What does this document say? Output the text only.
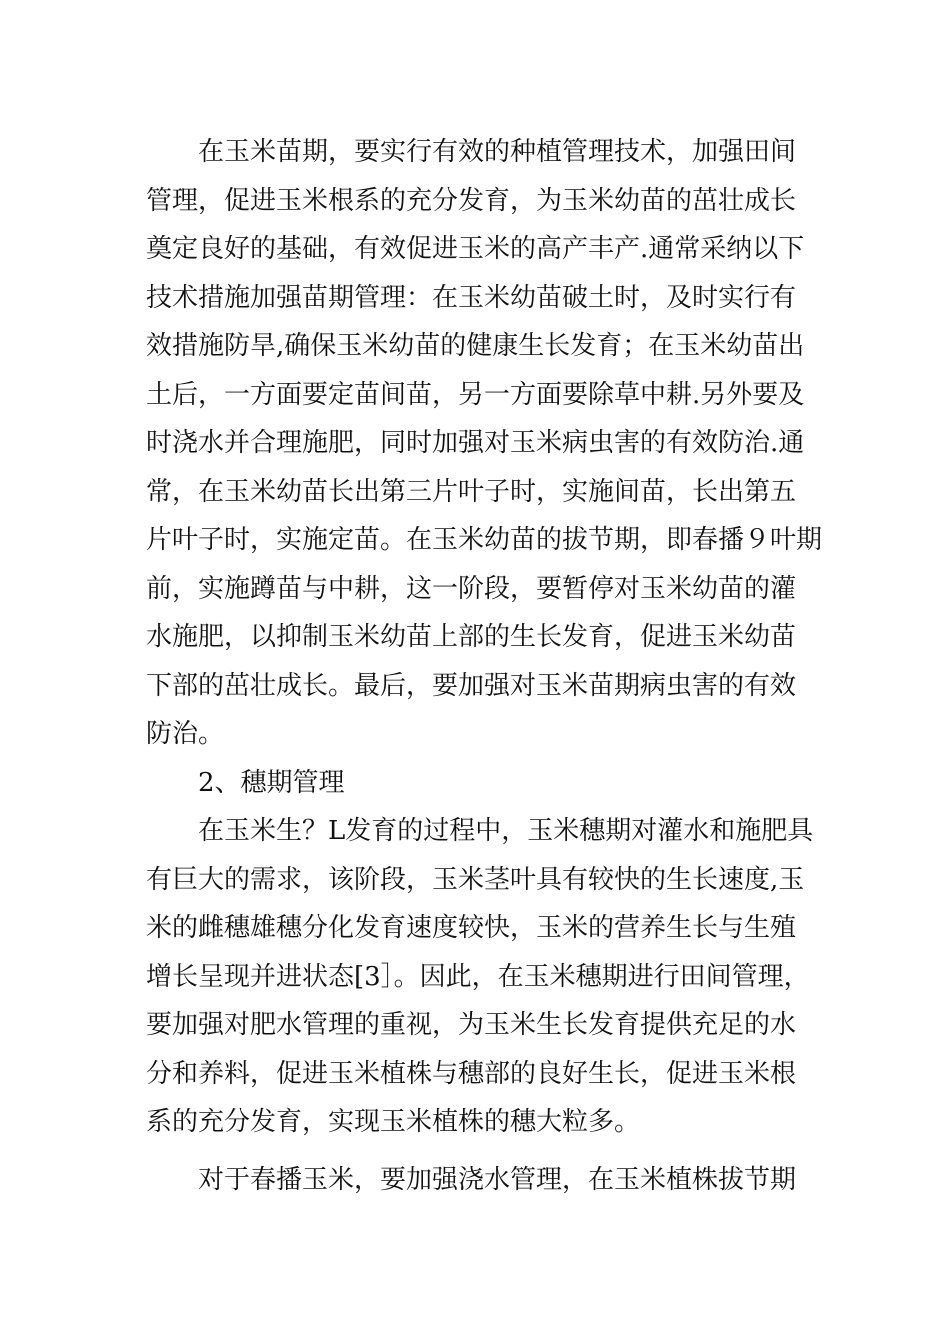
在玉米苗期，要实行有效的种植管理技术，加强田间
管理，促进玉米根系的充分发育，为玉米幼苗的茁壮成长
奠定良好的基础，有效促进玉米的高产丰产.通常采纳以下
技术措施加强苗期管理：在玉米幼苗破土时，及时实行有
效措施防旱,确保玉米幼苗的健康生长发育；在玉米幼苗出
土后，一方面要定苗间苗，另一方面要除草中耕.另外要及
时浇水并合理施肥，同时加强对玉米病虫害的有效防治.通
常，在玉米幼苗长出第三片叶子时，实施间苗，长出第五
片叶子时，实施定苗。在玉米幼苗的拔节期，即春播９叶期
前，实施蹲苗与中耕，这一阶段，要暂停对玉米幼苗的灌
水施肥，以抑制玉米幼苗上部的生长发育，促进玉米幼苗
下部的茁壮成长。最后，要加强对玉米苗期病虫害的有效
防治。
2、穗期管理
在玉米生？L发育的过程中，玉米穗期对灌水和施肥具
有巨大的需求，该阶段，玉米茎叶具有较快的生长速度,玉
米的雌穗雄穗分化发育速度较快，玉米的营养生长与生殖
增长呈现并进状态[3］。因此，在玉米穗期进行田间管理，
要加强对肥水管理的重视，为玉米生长发育提供充足的水
分和养料，促进玉米植株与穗部的良好生长，促进玉米根
系的充分发育，实现玉米植株的穗大粒多。
对于春播玉米，要加强浇水管理，在玉米植株拔节期
